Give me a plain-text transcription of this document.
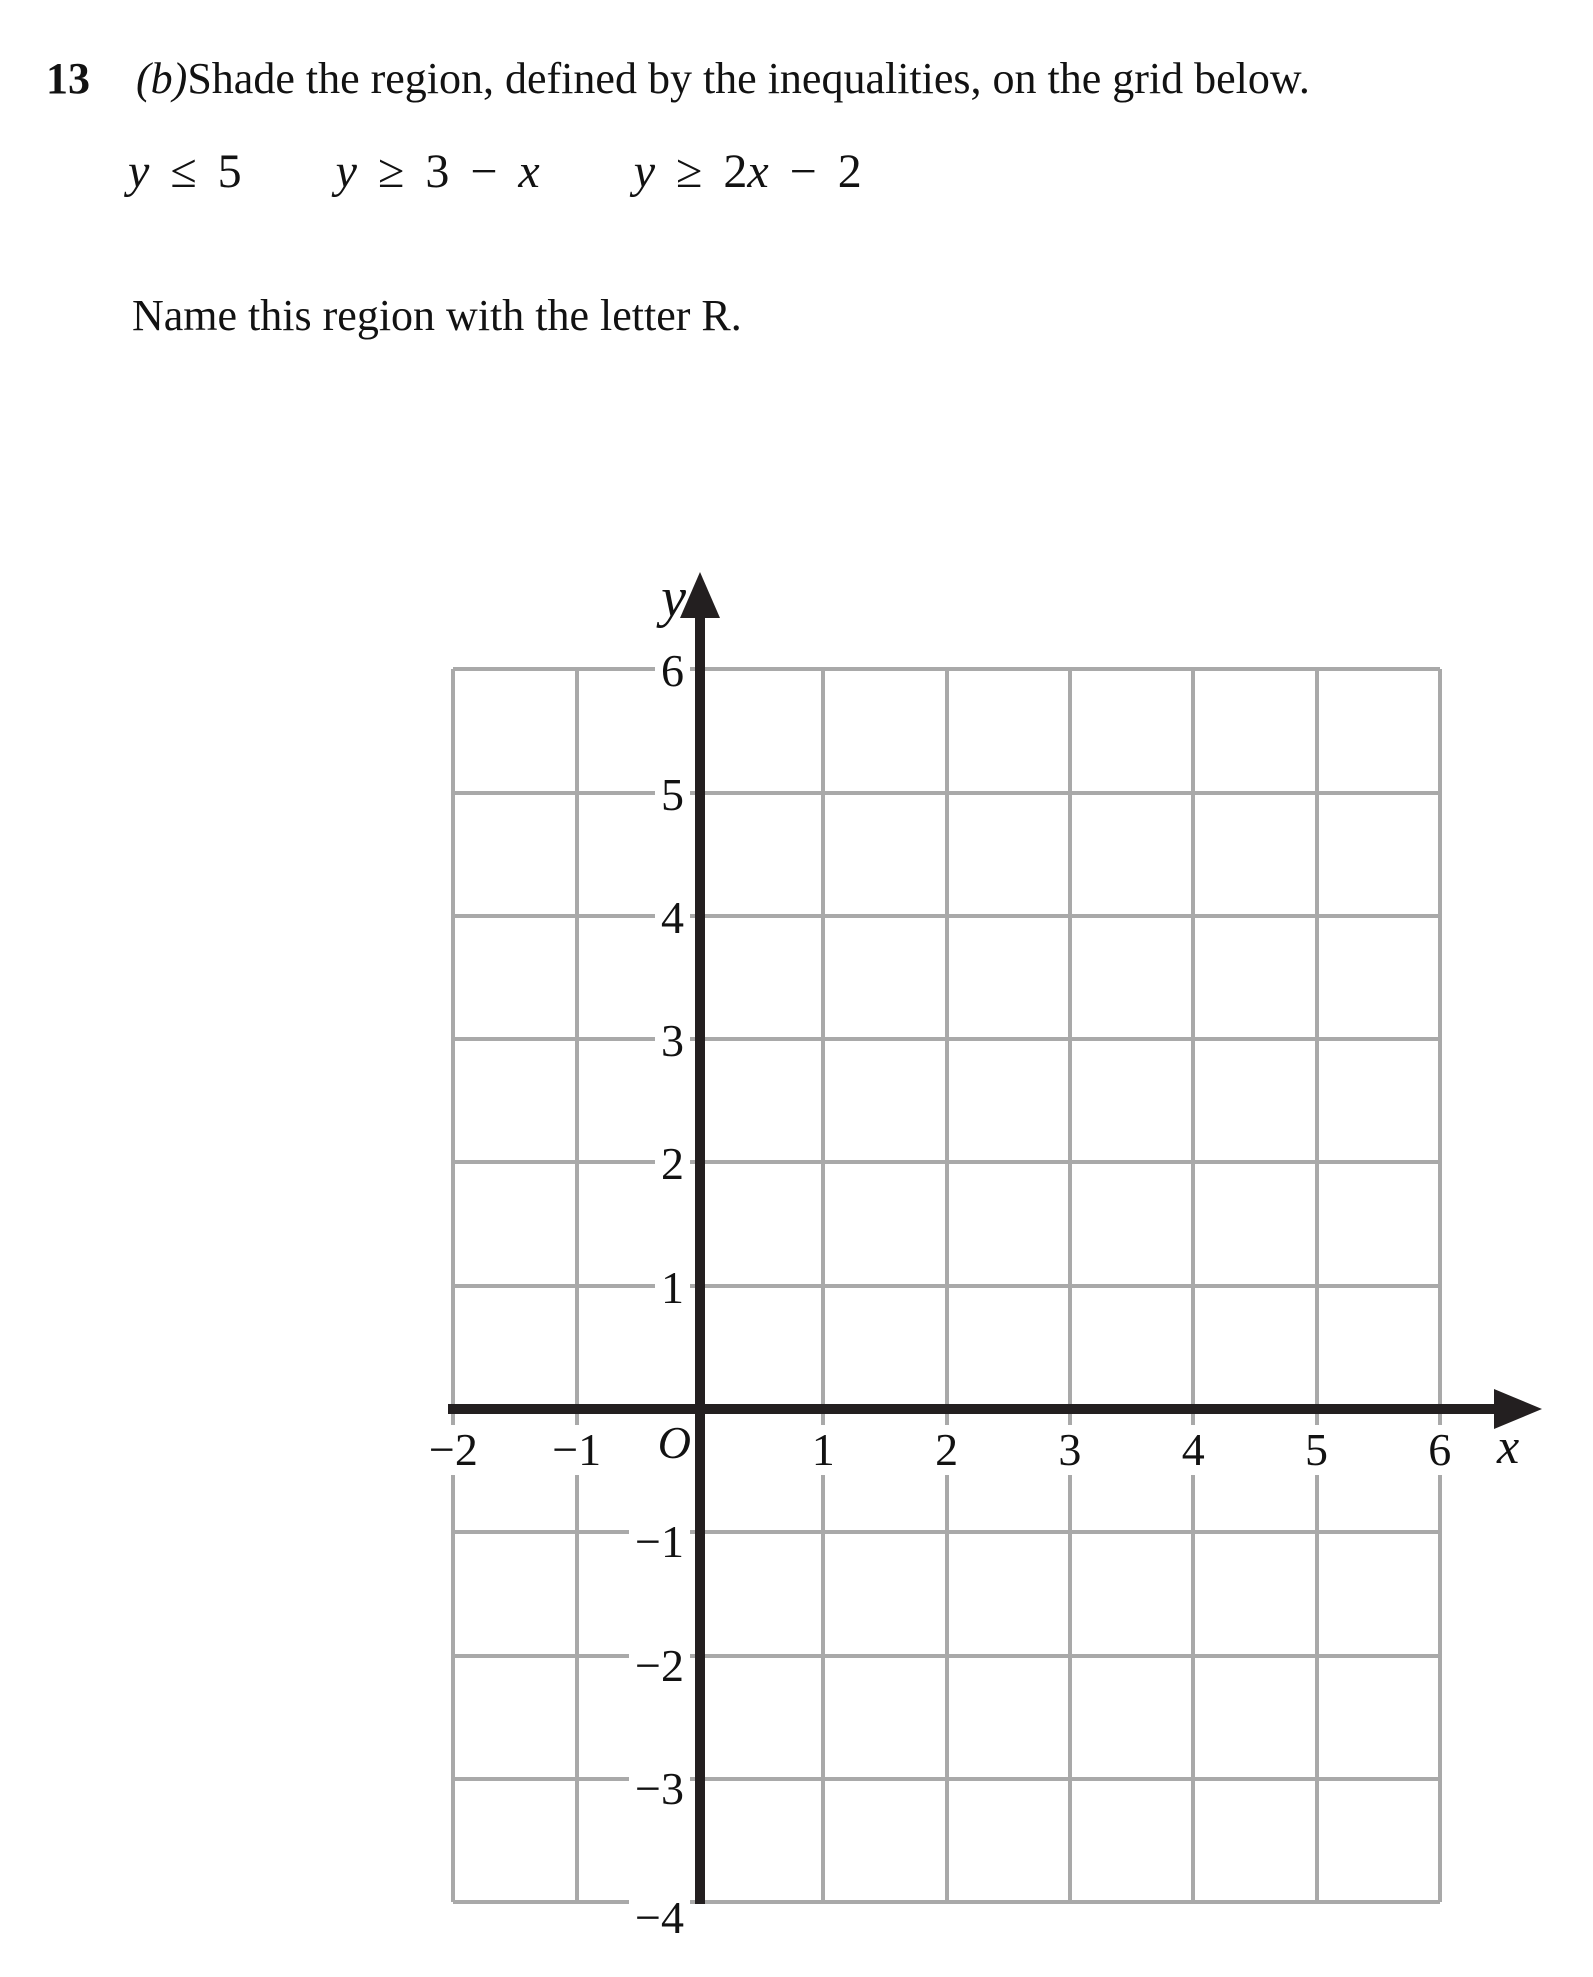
13 (b)Shade the region, defined by the inequalities, on the grid below.
y ≤ 5 y ≥ 3 − x y ≥ 2x − 2
Name this region with the letter R.
y
x
O
−2 −1	1 2 3 4 5 6
6
5
4
3
2
1
−1
−2
−3
−4
